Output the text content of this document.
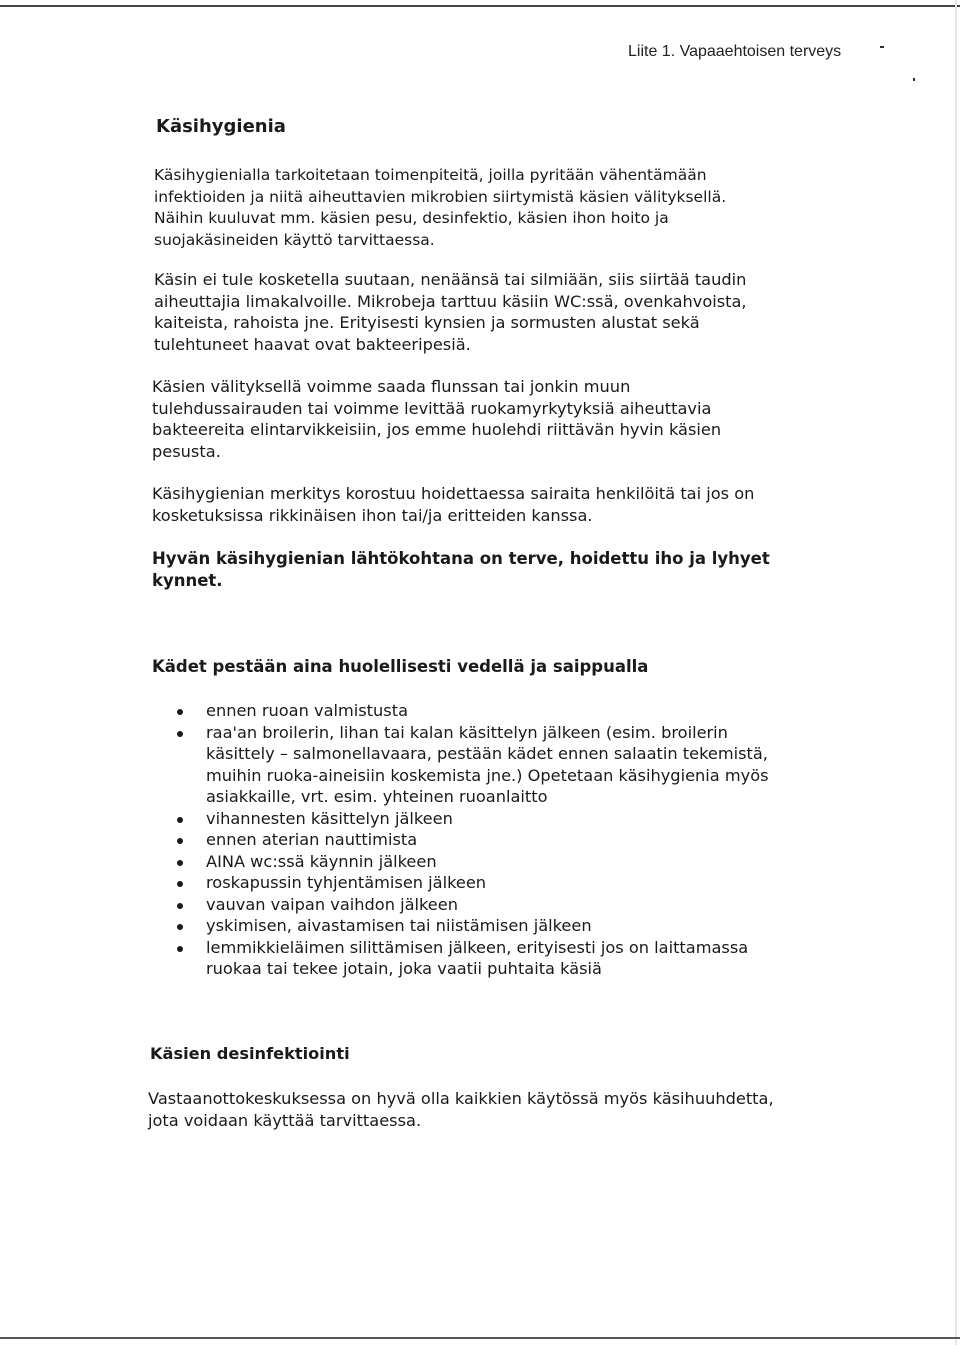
Liite 1. Vapaaehtoisen terveys
Käsihygienia

Käsihygienialla tarkoitetaan toimenpiteitä, joilla pyritään vähentämään
infektioiden ja niitä aiheuttavien mikrobien siirtymistä käsien välityksellä.
Näihin kuuluvat mm. käsien pesu, desinfektio, käsien ihon hoito ja
suojakäsineiden käyttö tarvittaessa.

Käsin ei tule kosketella suutaan, nenäänsä tai silmiään, siis siirtää taudin
aiheuttajia limakalvoille. Mikrobeja tarttuu käsiin WC:ssä, ovenkahvoista,
kaiteista, rahoista jne. Erityisesti kynsien ja sormusten alustat sekä
tulehtuneet haavat ovat bakteeripesiä.

Käsien välityksellä voimme saada flunssan tai jonkin muun
tulehdussairauden tai voimme levittää ruokamyrkytyksiä aiheuttavia
bakteereita elintarvikkeisiin, jos emme huolehdi riittävän hyvin käsien
pesusta.

Käsihygienian merkitys korostuu hoidettaessa sairaita henkilöitä tai jos on
kosketuksissa rikkinäisen ihon tai/ja eritteiden kanssa.

Hyvän käsihygienian lähtökohtana on terve, hoidettu iho ja lyhyet
kynnet.

Kädet pestään aina huolellisesti vedellä ja saippualla
ennen ruoan valmistusta
raa'an broilerin, lihan tai kalan käsittelyn jälkeen (esim. broilerin
käsittely – salmonellavaara, pestään kädet ennen salaatin tekemistä,
muihin ruoka-aineisiin koskemista jne.) Opetetaan käsihygienia myös
asiakkaille, vrt. esim. yhteinen ruoanlaitto
vihannesten käsittelyn jälkeen
ennen aterian nauttimista
AINA wc:ssä käynnin jälkeen
roskapussin tyhjentämisen jälkeen
vauvan vaipan vaihdon jälkeen
yskimisen, aivastamisen tai niistämisen jälkeen
lemmikkieläimen silittämisen jälkeen, erityisesti jos on laittamassa
ruokaa tai tekee jotain, joka vaatii puhtaita käsiä
Käsien desinfektiointi

Vastaanottokeskuksessa on hyvä olla kaikkien käytössä myös käsihuuhdetta,
jota voidaan käyttää tarvittaessa.
